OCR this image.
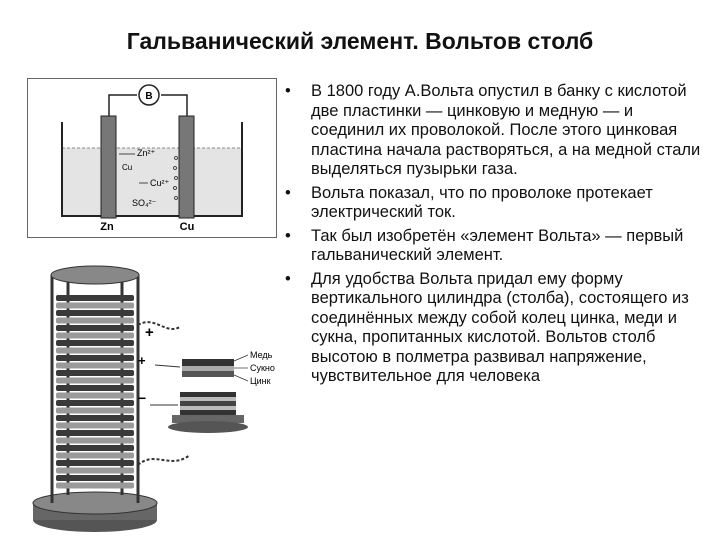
Гальванический элемент. Вольтов столб
B
Zn²⁺
Cu
Cu²⁺
SO₄²⁻
Zn	Cu
+
+
−
Медь
Сукно
Цинк
•	В 1800 году А.Вольта опустил в банку с кислотой две пластинки — цинковую и медную — и соединил их проволокой. После этого цинковая пластина начала растворяться, а на медной стали выделяться пузырьки газа.
•	Вольта показал, что по проволоке протекает электрический ток.
•	Так был изобретён «элемент Вольта» — первый гальванический элемент.
•	Для удобства Вольта придал ему форму вертикального цилиндра (столба), состоящего из соединённых между собой колец цинка, меди и сукна, пропитанных кислотой. Вольтов столб высотою в полметра развивал напряжение, чувствительное для человека
